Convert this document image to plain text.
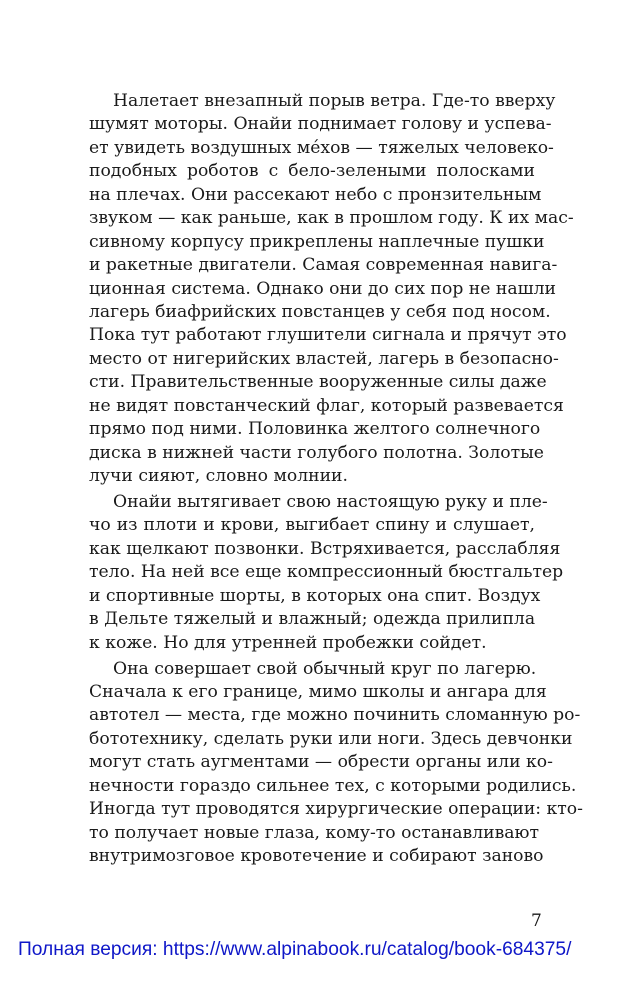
Налетает внезапный порыв ветра. Где-то вверху
шумят моторы. Онайи поднимает голову и успева-
ет увидеть воздушных мéхов — тяжелых человеко-
подобных роботов с бело-зелеными полосками
на плечах. Они рассекают небо с пронзительным
звуком — как раньше, как в прошлом году. К их мас-
сивному корпусу прикреплены наплечные пушки
и ракетные двигатели. Самая современная навига-
ционная система. Однако они до сих пор не нашли
лагерь биафрийских повстанцев у себя под носом.
Пока тут работают глушители сигнала и прячут это
место от нигерийских властей, лагерь в безопасно-
сти. Правительственные вооруженные силы даже
не видят повстанческий флаг, который развевается
прямо под ними. Половинка желтого солнечного
диска в нижней части голубого полотна. Золотые
лучи сияют, словно молнии.
Онайи вытягивает свою настоящую руку и пле-
чо из плоти и крови, выгибает спину и слушает,
как щелкают позвонки. Встряхивается, расслабляя
тело. На ней все еще компрессионный бюстгальтер
и спортивные шорты, в которых она спит. Воздух
в Дельте тяжелый и влажный; одежда прилипла
к коже. Но для утренней пробежки сойдет.
Она совершает свой обычный круг по лагерю.
Сначала к его границе, мимо школы и ангара для
автотел — места, где можно починить сломанную ро-
бототехнику, сделать руки или ноги. Здесь девчонки
могут стать аугментами — обрести органы или ко-
нечности гораздо сильнее тех, с которыми родились.
Иногда тут проводятся хирургические операции: кто-
то получает новые глаза, кому-то останавливают
внутримозговое кровотечение и собирают заново
7
Полная версия: https://www.alpinabook.ru/catalog/book-684375/
